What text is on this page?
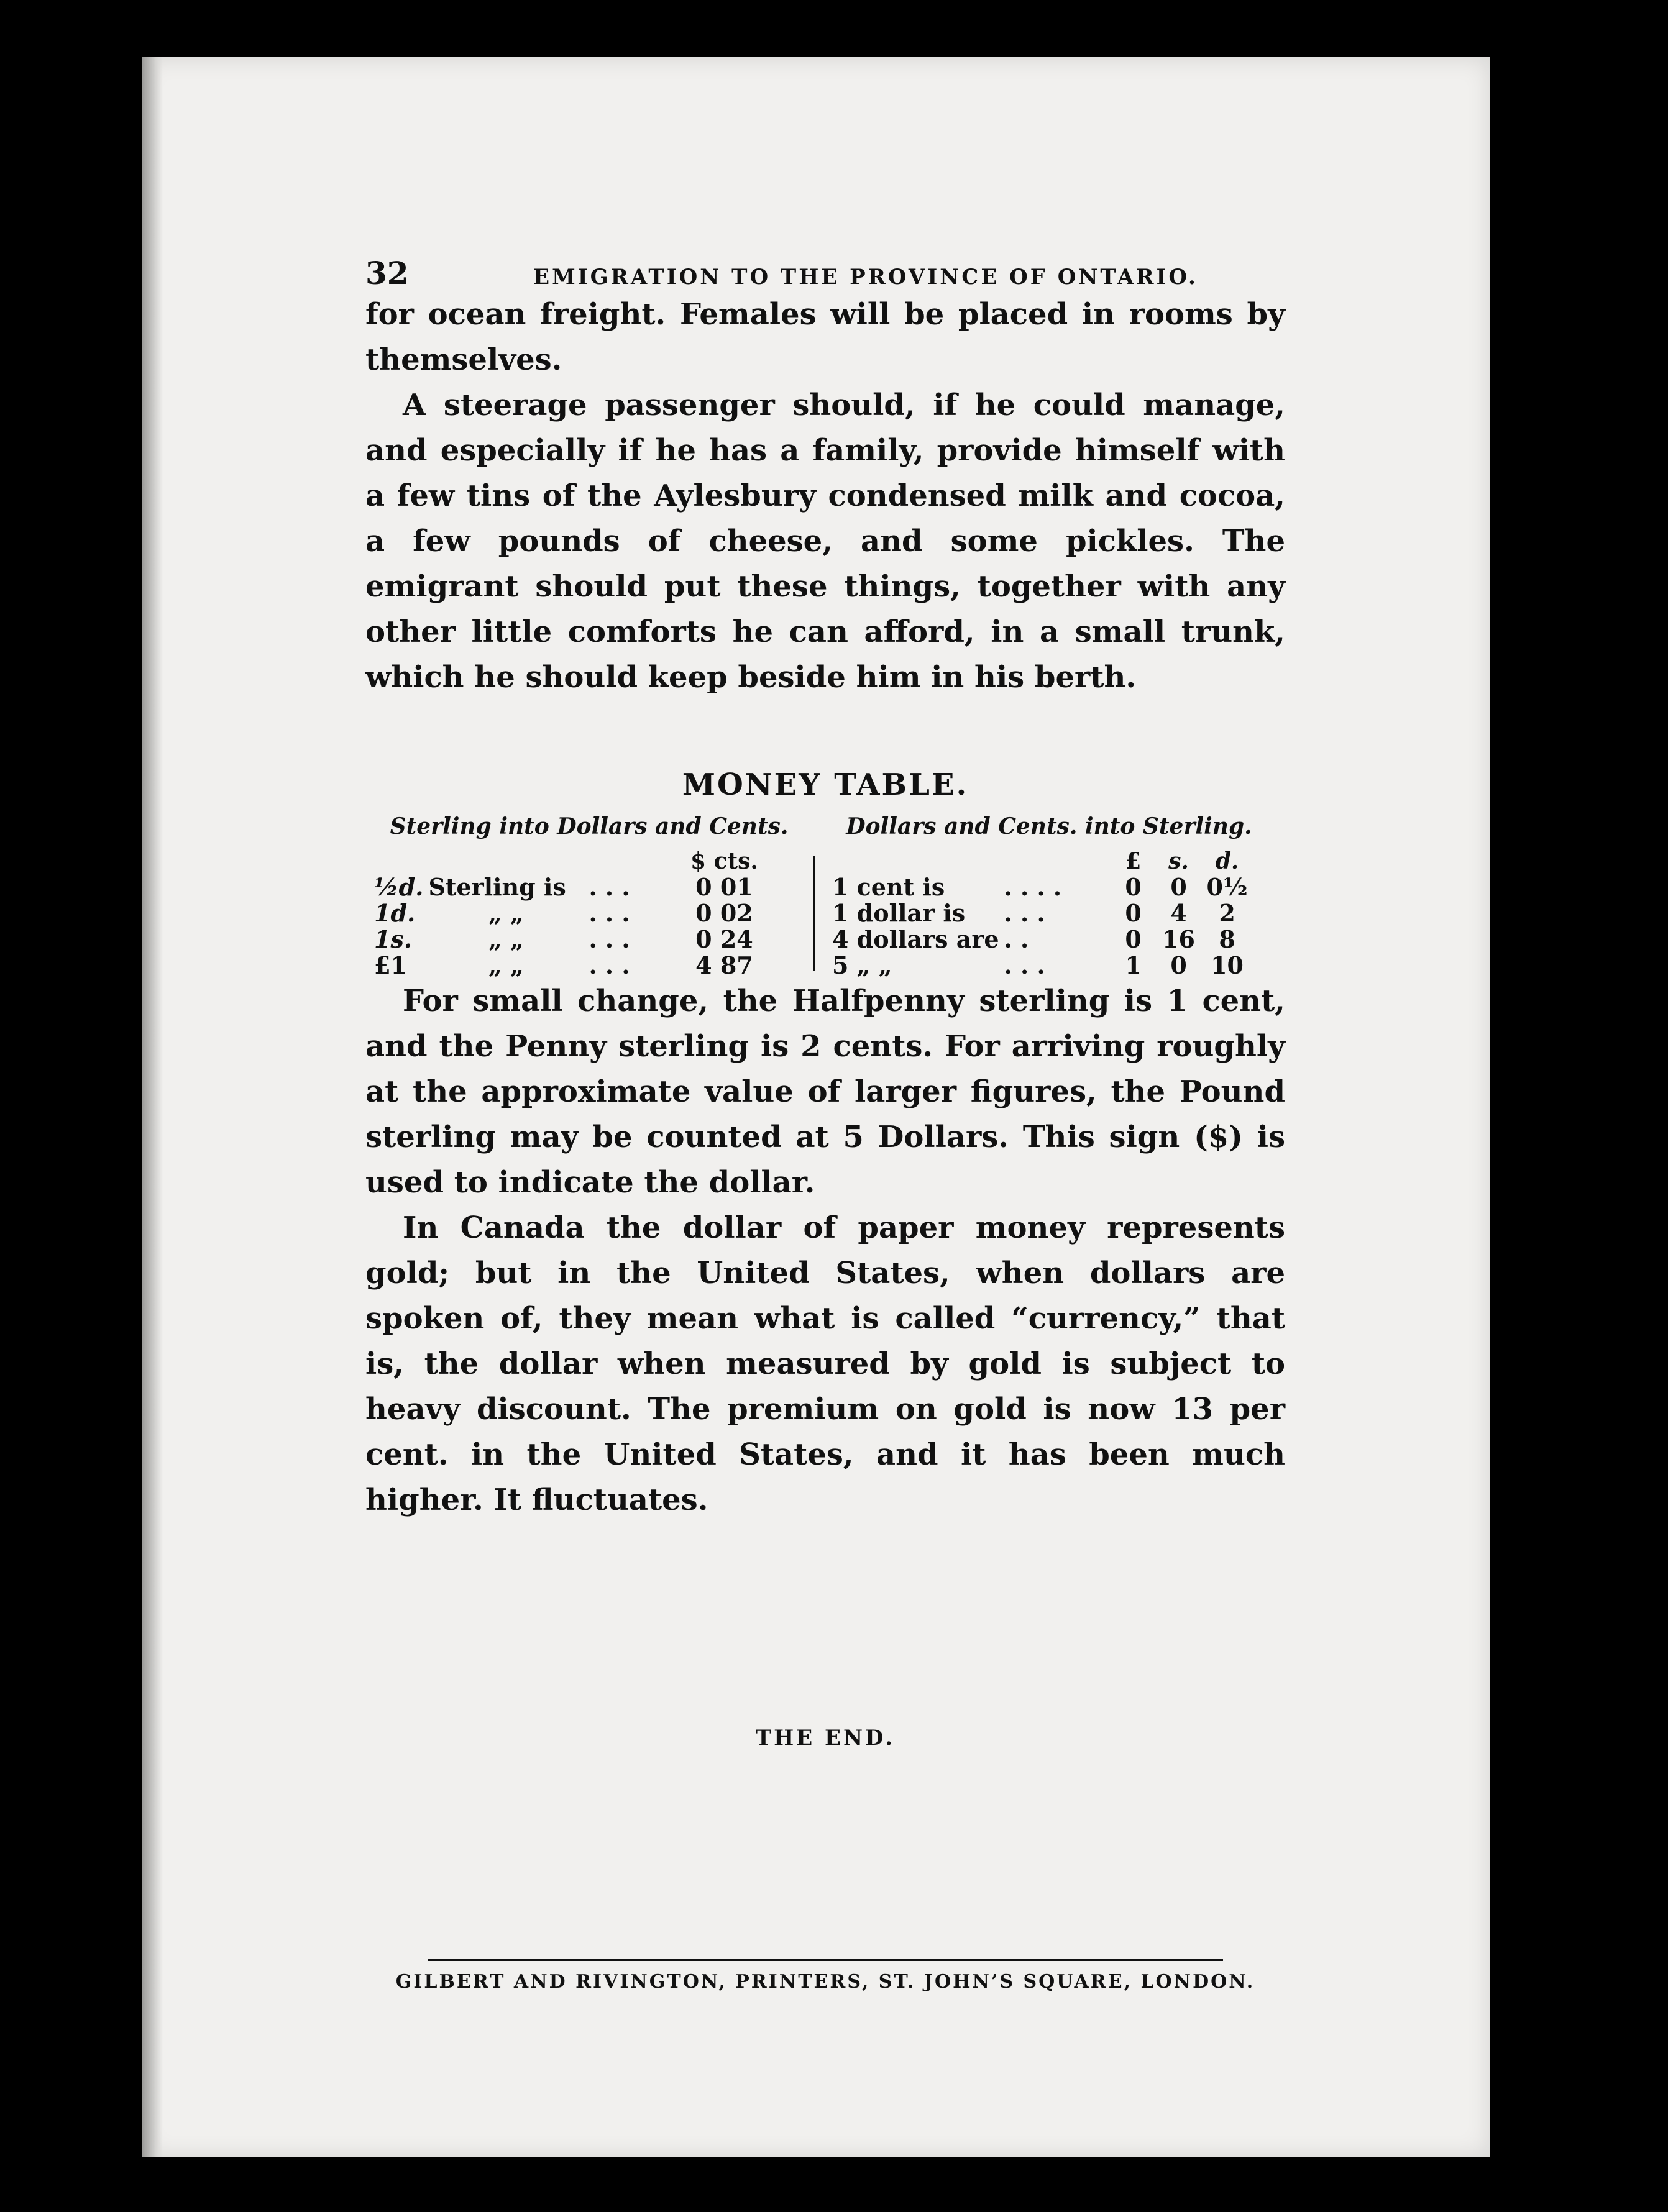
32	EMIGRATION TO THE PROVINCE OF ONTARIO.

for ocean freight. Females will be placed in rooms by themselves.

A steerage passenger should, if he could manage, and especially if he has a family, provide himself with a few tins of the Aylesbury condensed milk and cocoa, a few pounds of cheese, and some pickles. The emigrant should put these things, together with any other little comforts he can afford, in a small trunk, which he should keep beside him in his berth.

MONEY TABLE.
Sterling into Dollars and Cents.
			$ cts.
½d.	Sterling is	. . .	0 01
1d.	„ „	. . .	0 02
1s.	„ „	. . .	0 24
£1	„ „	. . .	4 87
Dollars and Cents. into Sterling.
		£	s.	d.
1 cent is	. . . .	0	0	0½
1 dollar is	. . .	0	4	2
4 dollars are	. .	0	16	8
5 „ „	. . .	1	0	10

For small change, the Halfpenny sterling is 1 cent, and the Penny sterling is 2 cents. For arriving roughly at the approximate value of larger figures, the Pound sterling may be counted at 5 Dollars. This sign ($) is used to indicate the dollar.

In Canada the dollar of paper money represents gold; but in the United States, when dollars are spoken of, they mean what is called “currency,” that is, the dollar when measured by gold is subject to heavy discount. The premium on gold is now 13 per cent. in the United States, and it has been much higher. It fluctuates.

THE END.
GILBERT AND RIVINGTON, PRINTERS, ST. JOHN’S SQUARE, LONDON.
